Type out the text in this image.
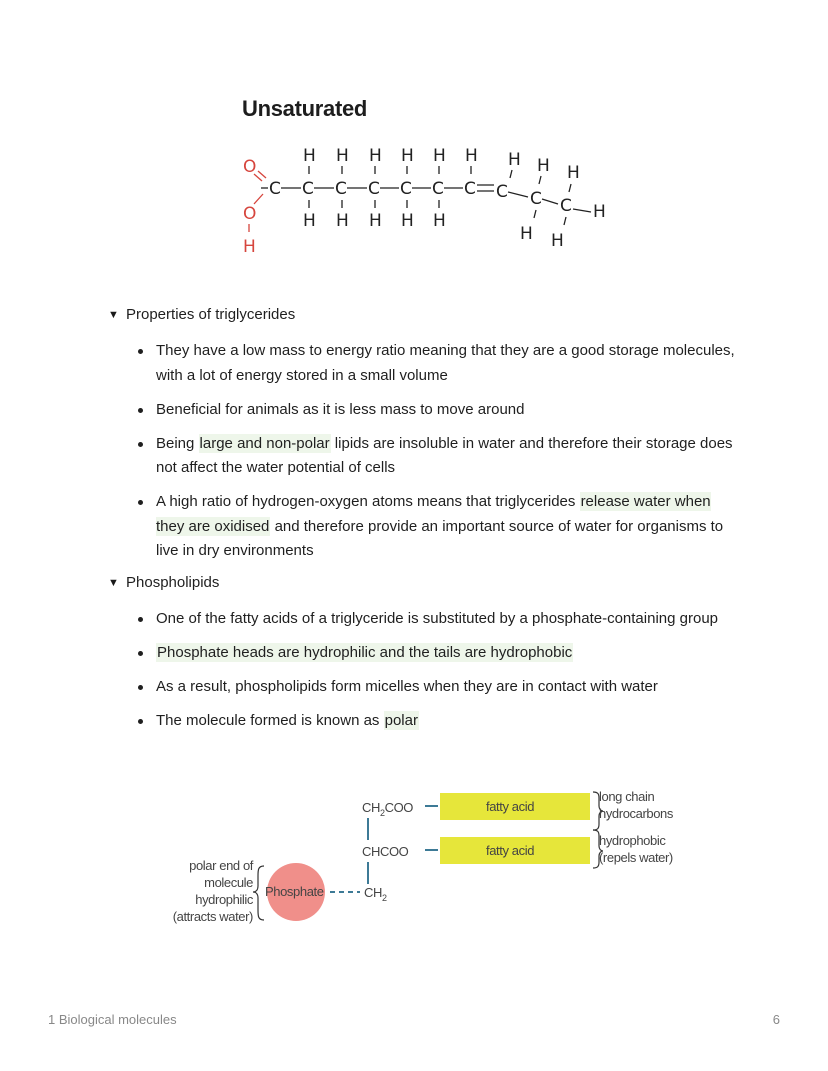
H H H H H H H H H
C C C C C C C C C C H
H H H H H
H H
O
O
H
Unsaturated
▼ Properties of triglycerides
They have a low mass to energy ratio meaning that they are a good storage molecules, with a lot of energy stored in a small volume
Beneficial for animals as it is less mass to move around
Being large and non-polar lipids are insoluble in water and therefore their storage does not affect the water potential of cells
A high ratio of hydrogen-oxygen atoms means that triglycerides release water when they are oxidised and therefore provide an important source of water for organisms to live in dry environments
▼ Phospholipids
One of the fatty acids of a triglyceride is substituted by a phosphate-containing group
Phosphate heads are hydrophilic and the tails are hydrophobic
As a result, phospholipids form micelles when they are in contact with water
The molecule formed is known as polar
$CH_2COO$	fatty acid
CHCOO	fatty acid
$CH_2$
Phosphate
polar end of
molecule
hydrophilic
(attracts water)
long chain
hydrocarbons
hydrophobic
(repels water)
1 Biological molecules	6
